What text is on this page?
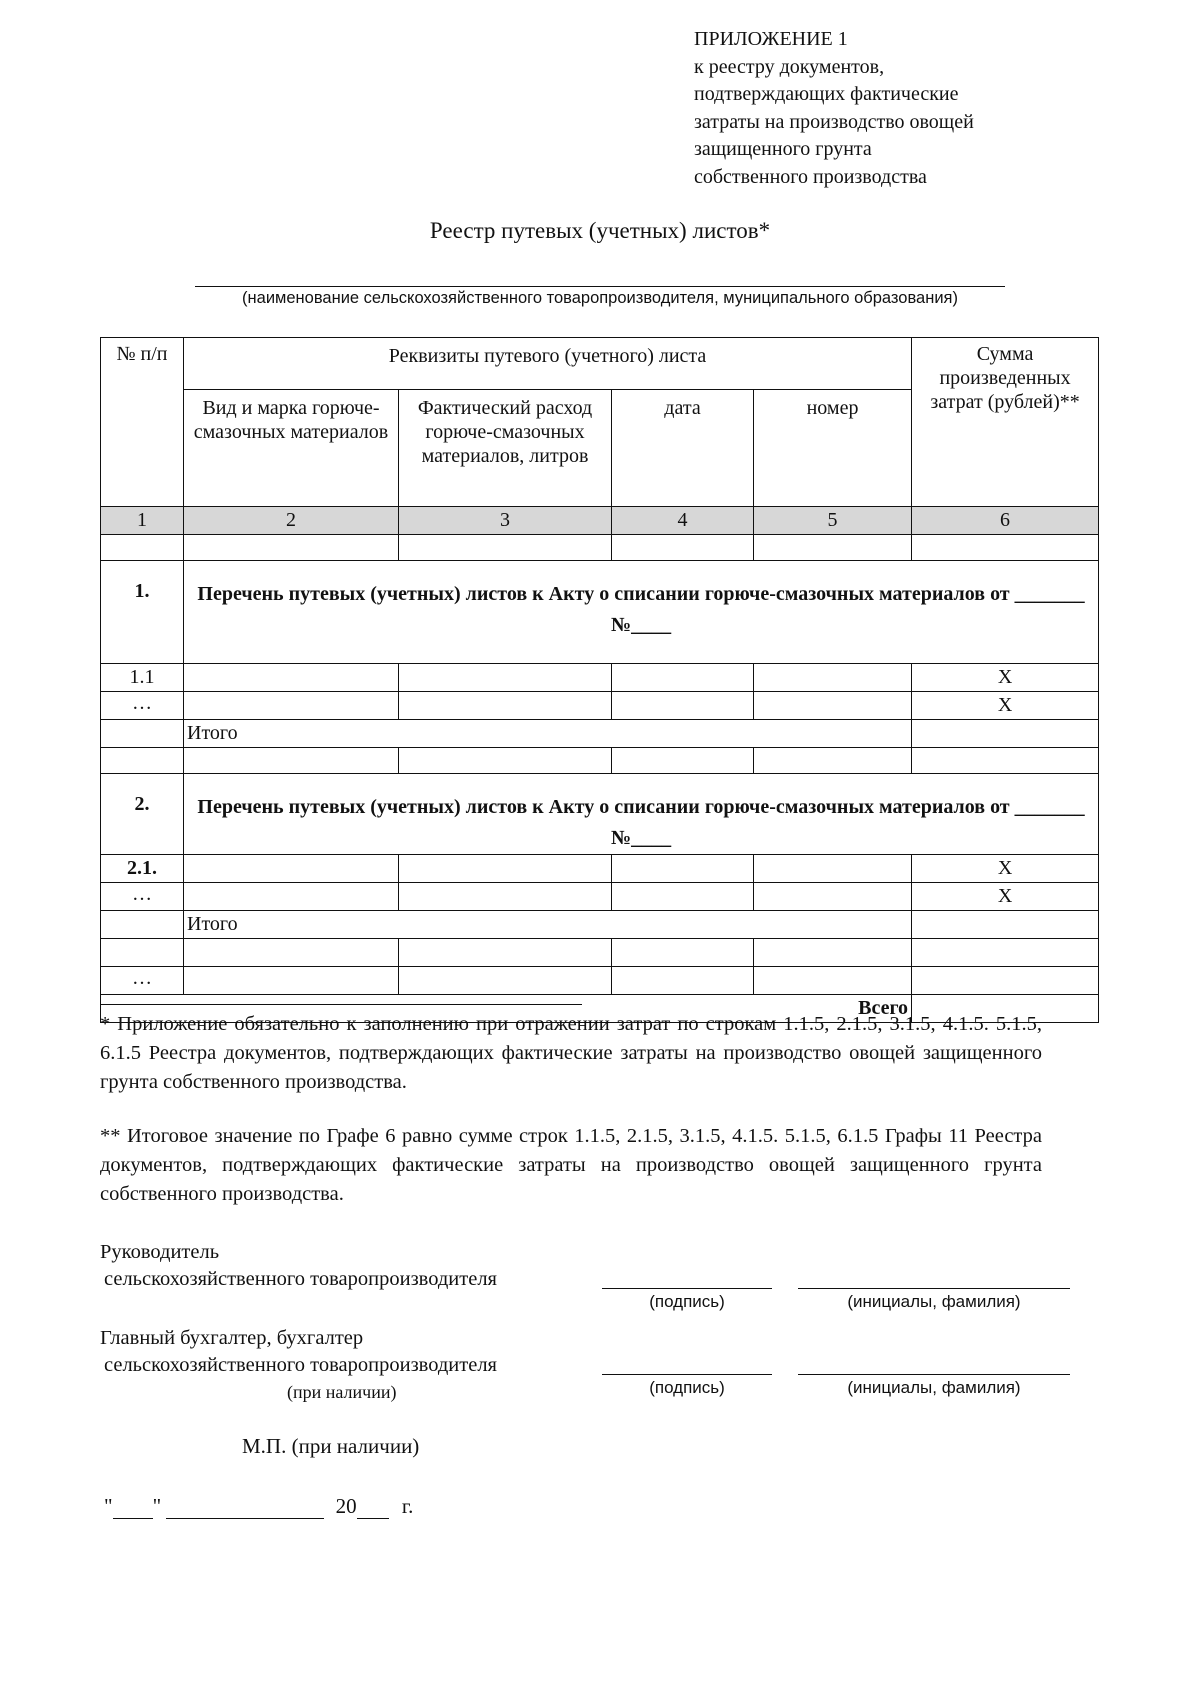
ПРИЛОЖЕНИЕ 1
к реестру документов,
подтверждающих фактические
затраты на производство овощей
защищенного грунта
собственного производства
Реестр путевых (учетных) листов*
(наименование сельскохозяйственного товаропроизводителя, муниципального образования)
№ п/п	Реквизиты путевого (учетного) листа				Сумма произведенных затрат (рублей)**
	Вид и марка горюче-смазочных материалов	Фактический расход горюче-смазочных материалов, литров	дата	номер	
1	2	3	4	5	6

1.	Перечень путевых (учетных) листов к Акту о списании горюче-смазочных материалов от _______ №____				
1.1					X
…					X
	Итого				

2.	Перечень путевых (учетных) листов к Акту о списании горюче-смазочных материалов от _______ №____				
2.1.					X
…					X
	Итого				

…					
Всего					
* Приложение обязательно к заполнению при отражении затрат по строкам 1.1.5, 2.1.5, 3.1.5, 4.1.5. 5.1.5, 6.1.5 Реестра документов, подтверждающих фактические затраты на производство овощей защищенного грунта собственного производства.
** Итоговое значение по Графе 6 равно сумме строк 1.1.5, 2.1.5, 3.1.5, 4.1.5. 5.1.5, 6.1.5 Графы 11 Реестра документов, подтверждающих фактические затраты на производство овощей защищенного грунта собственного производства.
Руководитель
сельскохозяйственного товаропроизводителя
(подпись)	(инициалы, фамилия)
Главный бухгалтер, бухгалтер
сельскохозяйственного товаропроизводителя
(при наличии)	(подпись)	(инициалы, фамилия)
М.П. (при наличии)
" "	20 г.
